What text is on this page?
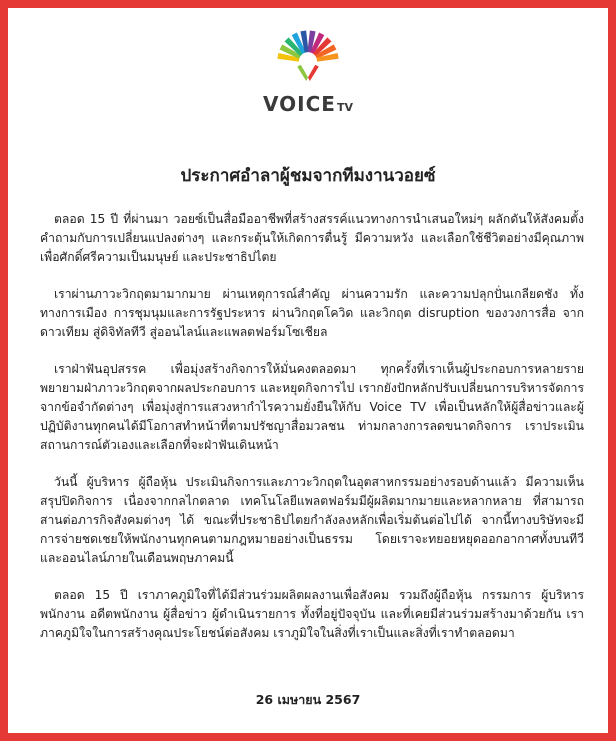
VOICETV
ประกาศอำลาผู้ชมจากทีมงานวอยซ์

ตลอด 15 ปี ที่ผ่านมา วอยซ์เป็นสื่อมืออาชีพที่สร้างสรรค์แนวทางการนำเสนอใหม่ๆ ผลักดันให้สังคมตั้งคำถามกับการเปลี่ยนแปลงต่างๆ และกระตุ้นให้เกิดการตื่นรู้ มีความหวัง และเลือกใช้ชีวิตอย่างมีคุณภาพ เพื่อศักดิ์ศรีความเป็นมนุษย์ และประชาธิปไตย

เราผ่านภาวะวิกฤตมามากมาย ผ่านเหตุการณ์สำคัญ ผ่านความรัก และความปลุกปั่นเกลียดชัง ทั้งทางการเมือง การชุมนุมและการรัฐประหาร ผ่านวิกฤตโควิด และวิกฤต disruption ของวงการสื่อ จากดาวเทียม สู่ดิจิทัลทีวี สู่ออนไลน์และแพลตฟอร์มโซเชียล

เราฝ่าฟันอุปสรรค เพื่อมุ่งสร้างกิจการให้มั่นคงตลอดมา ทุกครั้งที่เราเห็นผู้ประกอบการหลายรายพยายามฝ่าภาวะวิกฤตจากผลประกอบการ และหยุดกิจการไป เรากยังปักหลักปรับเปลี่ยนการบริหารจัดการจากข้อจำกัดต่างๆ เพื่อมุ่งสู่การแสวงหากำไรความยั่งยืนให้กับ Voice TV เพื่อเป็นหลักให้ผู้สื่อข่าวและผู้ปฏิบัติงานทุกคนได้มีโอกาสทำหน้าที่ตามปรัชญาสื่อมวลชน ท่ามกลางการลดขนาดกิจการ เราประเมินสถานการณ์ตัวเองและเลือกที่จะฝ่าฟันเดินหน้า

วันนี้ ผู้บริหาร ผู้ถือหุ้น ประเมินกิจการและภาวะวิกฤตในอุตสาหกรรมอย่างรอบด้านแล้ว มีความเห็นสรุปปิดกิจการ เนื่องจากกลไกตลาด เทคโนโลยีแพลตฟอร์มมีผู้ผลิตมากมายและหลากหลาย ที่สามารถสานต่อภารกิจสังคมต่างๆ ได้ ขณะที่ประชาธิปไตยกำลังลงหลักเพื่อเริ่มต้นต่อไปได้ จากนี้ทางบริษัทจะมีการจ่ายชดเชยให้พนักงานทุกคนตามกฎหมายอย่างเป็นธรรม โดยเราจะทยอยหยุดออกอากาศทั้งบนทีวีและออนไลน์ภายในเดือนพฤษภาคมนี้

ตลอด 15 ปี เราภาคภูมิใจที่ได้มีส่วนร่วมผลิตผลงานเพื่อสังคม รวมถึงผู้ถือหุ้น กรรมการ ผู้บริหาร พนักงาน อดีตพนักงาน ผู้สื่อข่าว ผู้ดำเนินรายการ ทั้งที่อยู่ปัจจุบัน และที่เคยมีส่วนร่วมสร้างมาด้วยกัน เราภาคภูมิใจในการสร้างคุณประโยชน์ต่อสังคม เราภูมิใจในสิ่งที่เราเป็นและสิ่งที่เราทำตลอดมา

26 เมษายน 2567
